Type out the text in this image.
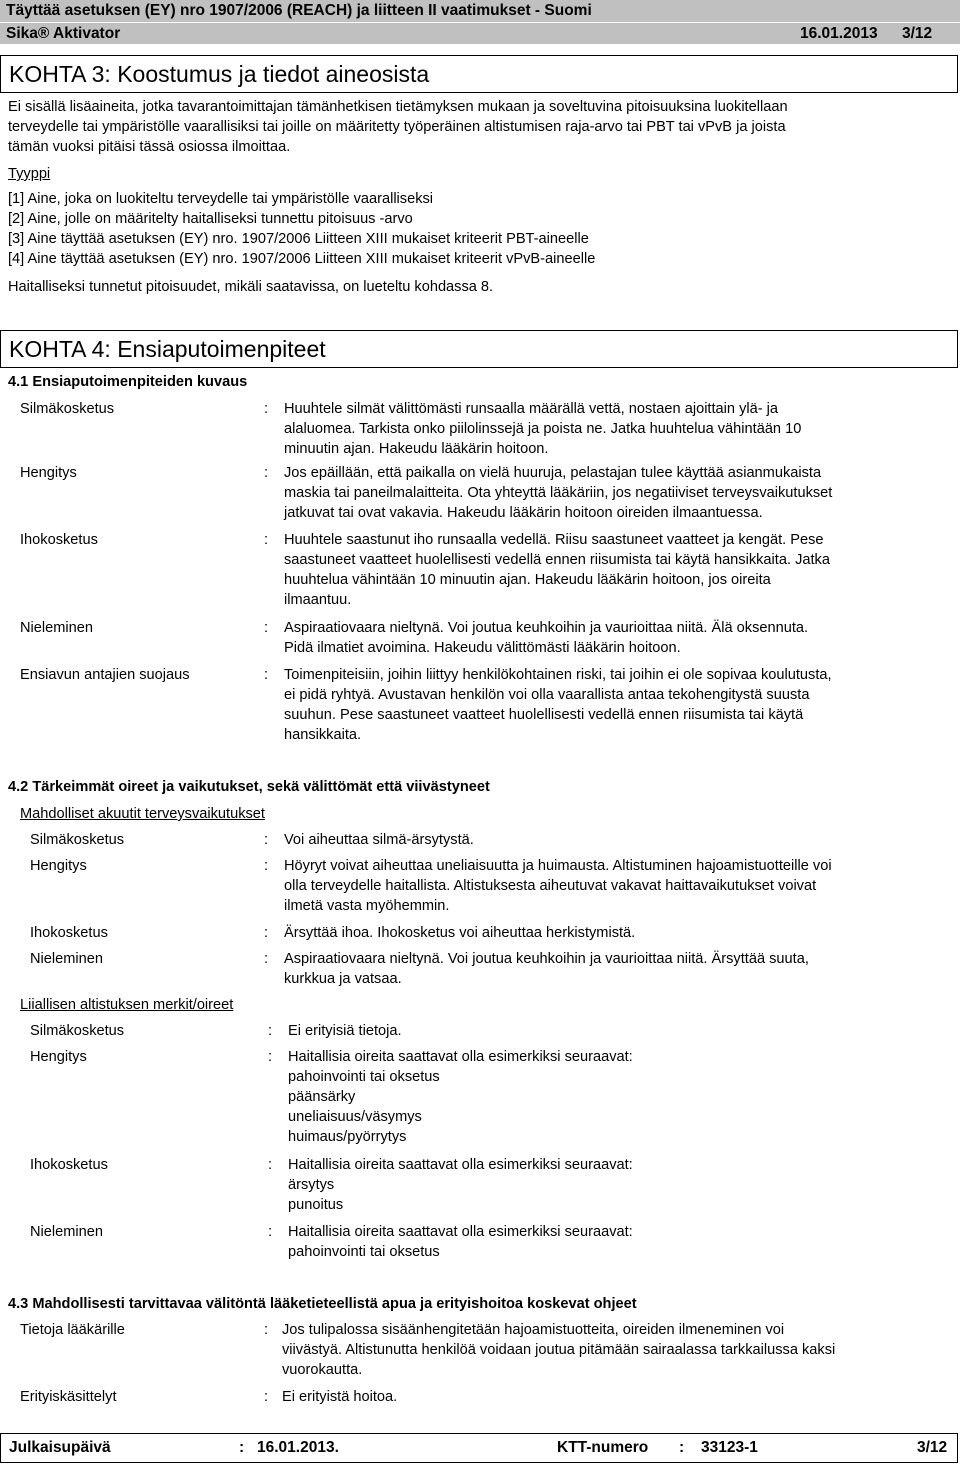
Täyttää asetuksen (EY) nro 1907/2006 (REACH) ja liitteen II vaatimukset - Suomi
Sika® Aktivator	16.01.2013 3/12
KOHTA 3: Koostumus ja tiedot aineosista
Ei sisällä lisäaineita, jotka tavarantoimittajan tämänhetkisen tietämyksen mukaan ja soveltuvina pitoisuuksina luokitellaan
terveydelle tai ympäristölle vaarallisiksi tai joille on määritetty työperäinen altistumisen raja-arvo tai PBT tai vPvB ja joista
tämän vuoksi pitäisi tässä osiossa ilmoittaa.
Tyyppi
[1] Aine, joka on luokiteltu terveydelle tai ympäristölle vaaralliseksi
[2] Aine, jolle on määritelty haitalliseksi tunnettu pitoisuus -arvo
[3] Aine täyttää asetuksen (EY) nro. 1907/2006 Liitteen XIII mukaiset kriteerit PBT-aineelle
[4] Aine täyttää asetuksen (EY) nro. 1907/2006 Liitteen XIII mukaiset kriteerit vPvB-aineelle
Haitalliseksi tunnetut pitoisuudet, mikäli saatavissa, on lueteltu kohdassa 8.
KOHTA 4: Ensiaputoimenpiteet
4.1 Ensiaputoimenpiteiden kuvaus
Silmäkosketus	: Huuhtele silmät välittömästi runsaalla määrällä vettä, nostaen ajoittain ylä- ja
alaluomea. Tarkista onko piilolinssejä ja poista ne. Jatka huuhtelua vähintään 10
minuutin ajan. Hakeudu lääkärin hoitoon.
Hengitys	: Jos epäillään, että paikalla on vielä huuruja, pelastajan tulee käyttää asianmukaista
maskia tai paneilmalaitteita. Ota yhteyttä lääkäriin, jos negatiiviset terveysvaikutukset
jatkuvat tai ovat vakavia. Hakeudu lääkärin hoitoon oireiden ilmaantuessa.
Ihokosketus	: Huuhtele saastunut iho runsaalla vedellä. Riisu saastuneet vaatteet ja kengät. Pese
saastuneet vaatteet huolellisesti vedellä ennen riisumista tai käytä hansikkaita. Jatka
huuhtelua vähintään 10 minuutin ajan. Hakeudu lääkärin hoitoon, jos oireita
ilmaantuu.
Nieleminen	: Aspiraatiovaara nieltynä. Voi joutua keuhkoihin ja vaurioittaa niitä. Älä oksennuta.
Pidä ilmatiet avoimina. Hakeudu välittömästi lääkärin hoitoon.
Ensiavun antajien suojaus	: Toimenpiteisiin, joihin liittyy henkilökohtainen riski, tai joihin ei ole sopivaa koulutusta,
ei pidä ryhtyä. Avustavan henkilön voi olla vaarallista antaa tekohengitystä suusta
suuhun. Pese saastuneet vaatteet huolellisesti vedellä ennen riisumista tai käytä
hansikkaita.
4.2 Tärkeimmät oireet ja vaikutukset, sekä välittömät että viivästyneet
Mahdolliset akuutit terveysvaikutukset
Silmäkosketus	: Voi aiheuttaa silmä-ärsytystä.
Hengitys	: Höyryt voivat aiheuttaa uneliaisuutta ja huimausta. Altistuminen hajoamistuotteille voi
olla terveydelle haitallista. Altistuksesta aiheutuvat vakavat haittavaikutukset voivat
ilmetä vasta myöhemmin.
Ihokosketus	: Ärsyttää ihoa. Ihokosketus voi aiheuttaa herkistymistä.
Nieleminen	: Aspiraatiovaara nieltynä. Voi joutua keuhkoihin ja vaurioittaa niitä. Ärsyttää suuta,
kurkkua ja vatsaa.
Liiallisen altistuksen merkit/oireet
Silmäkosketus	: Ei erityisiä tietoja.
Hengitys	: Haitallisia oireita saattavat olla esimerkiksi seuraavat:
pahoinvointi tai oksetus
päänsärky
uneliaisuus/väsymys
huimaus/pyörrytys
Ihokosketus	: Haitallisia oireita saattavat olla esimerkiksi seuraavat:
ärsytys
punoitus
Nieleminen	: Haitallisia oireita saattavat olla esimerkiksi seuraavat:
pahoinvointi tai oksetus
4.3 Mahdollisesti tarvittavaa välitöntä lääketieteellistä apua ja erityishoitoa koskevat ohjeet
Tietoja lääkärille	: Jos tulipalossa sisäänhengitetään hajoamistuotteita, oireiden ilmeneminen voi
viivästyä. Altistunutta henkilöä voidaan joutua pitämään sairaalassa tarkkailussa kaksi
vuorokautta.
Erityiskäsittelyt	: Ei erityistä hoitoa.
Julkaisupäivä	: 16.01.2013.	KTT-numero : 33123-1	3/12
